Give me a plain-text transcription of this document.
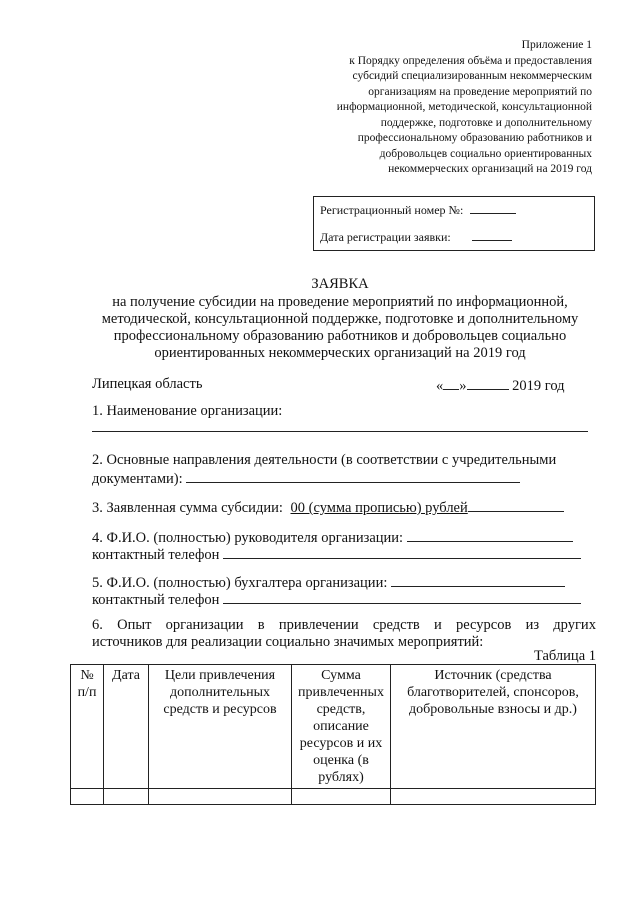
Приложение 1
к Порядку определения объёма и предоставления
субсидий специализированным некоммерческим
организациям на проведение мероприятий по
информационной, методической, консультационной
поддержке, подготовке и дополнительному
профессиональному образованию работников и
добровольцев социально ориентированных
некоммерческих организаций на 2019 год
Регистрационный номер №:
Дата регистрации заявки:
ЗАЯВКА
на получение субсидии на проведение мероприятий по информационной,
методической, консультационной поддержке, подготовке и дополнительному
профессиональному образованию работников и добровольцев социально
ориентированных некоммерческих организаций на 2019 год
Липецкая область	« »	2019 год
1. Наименование организации:
2. Основные направления деятельности (в соответствии с учредительными
документами):
3. Заявленная сумма субсидии: 00 (сумма прописью) рублей
4. Ф.И.О. (полностью) руководителя организации:
контактный телефон
5. Ф.И.О. (полностью) бухгалтера организации:
контактный телефон
6. Опыт организации в привлечении средств и ресурсов из других
источников для реализации социально значимых мероприятий:
Таблица 1
№ п/п	Дата	Цели привлечения дополнительных средств и ресурсов	Сумма привлеченных средств, описание ресурсов и их оценка (в рублях)	Источник (средства благотворителей, спонсоров, добровольные взносы и др.)
